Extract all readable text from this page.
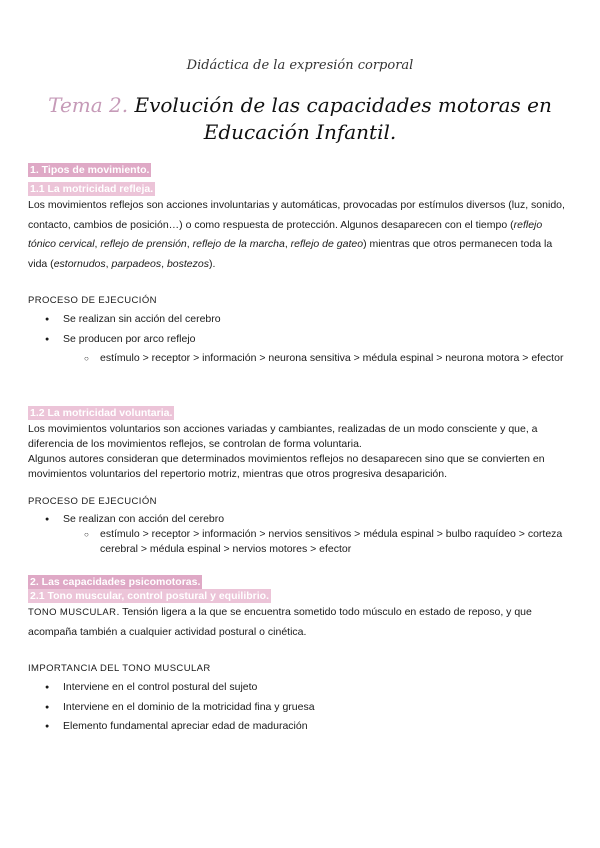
Didáctica de la expresión corporal
Tema 2. Evolución de las capacidades motoras en Educación Infantil.
1. Tipos de movimiento.
1.1 La motricidad refleja.

Los movimientos reflejos son acciones involuntarias y automáticas, provocadas por estímulos diversos (luz, sonido, contacto, cambios de posición…) o como respuesta de protección. Algunos desaparecen con el tiempo (reflejo tónico cervical, reflejo de prensión, reflejo de la marcha, reflejo de gateo) mientras que otros permanecen toda la vida (estornudos, parpadeos, bostezos).

PROCESO DE EJECUCIÓN

● Se realizan sin acción del cerebro
● Se producen por arco reflejo
○ estímulo > receptor > información > neurona sensitiva > médula espinal > neurona motora > efector
1.2 La motricidad voluntaria.

Los movimientos voluntarios son acciones variadas y cambiantes, realizadas de un modo consciente y que, a diferencia de los movimientos reflejos, se controlan de forma voluntaria.

Algunos autores consideran que determinados movimientos reflejos no desaparecen sino que se convierten en movimientos voluntarios del repertorio motriz, mientras que otros progresiva desaparición.

PROCESO DE EJECUCIÓN

● Se realizan con acción del cerebro
○ estímulo > receptor > información > nervios sensitivos > médula espinal > bulbo raquídeo > corteza cerebral > médula espinal > nervios motores > efector
2. Las capacidades psicomotoras.
2.1 Tono muscular, control postural y equilibrio.

TONO MUSCULAR. Tensión ligera a la que se encuentra sometido todo músculo en estado de reposo, y que acompaña también a cualquier actividad postural o cinética.

IMPORTANCIA DEL TONO MUSCULAR

● Interviene en el control postural del sujeto
● Interviene en el dominio de la motricidad fina y gruesa
● Elemento fundamental apreciar edad de maduración
